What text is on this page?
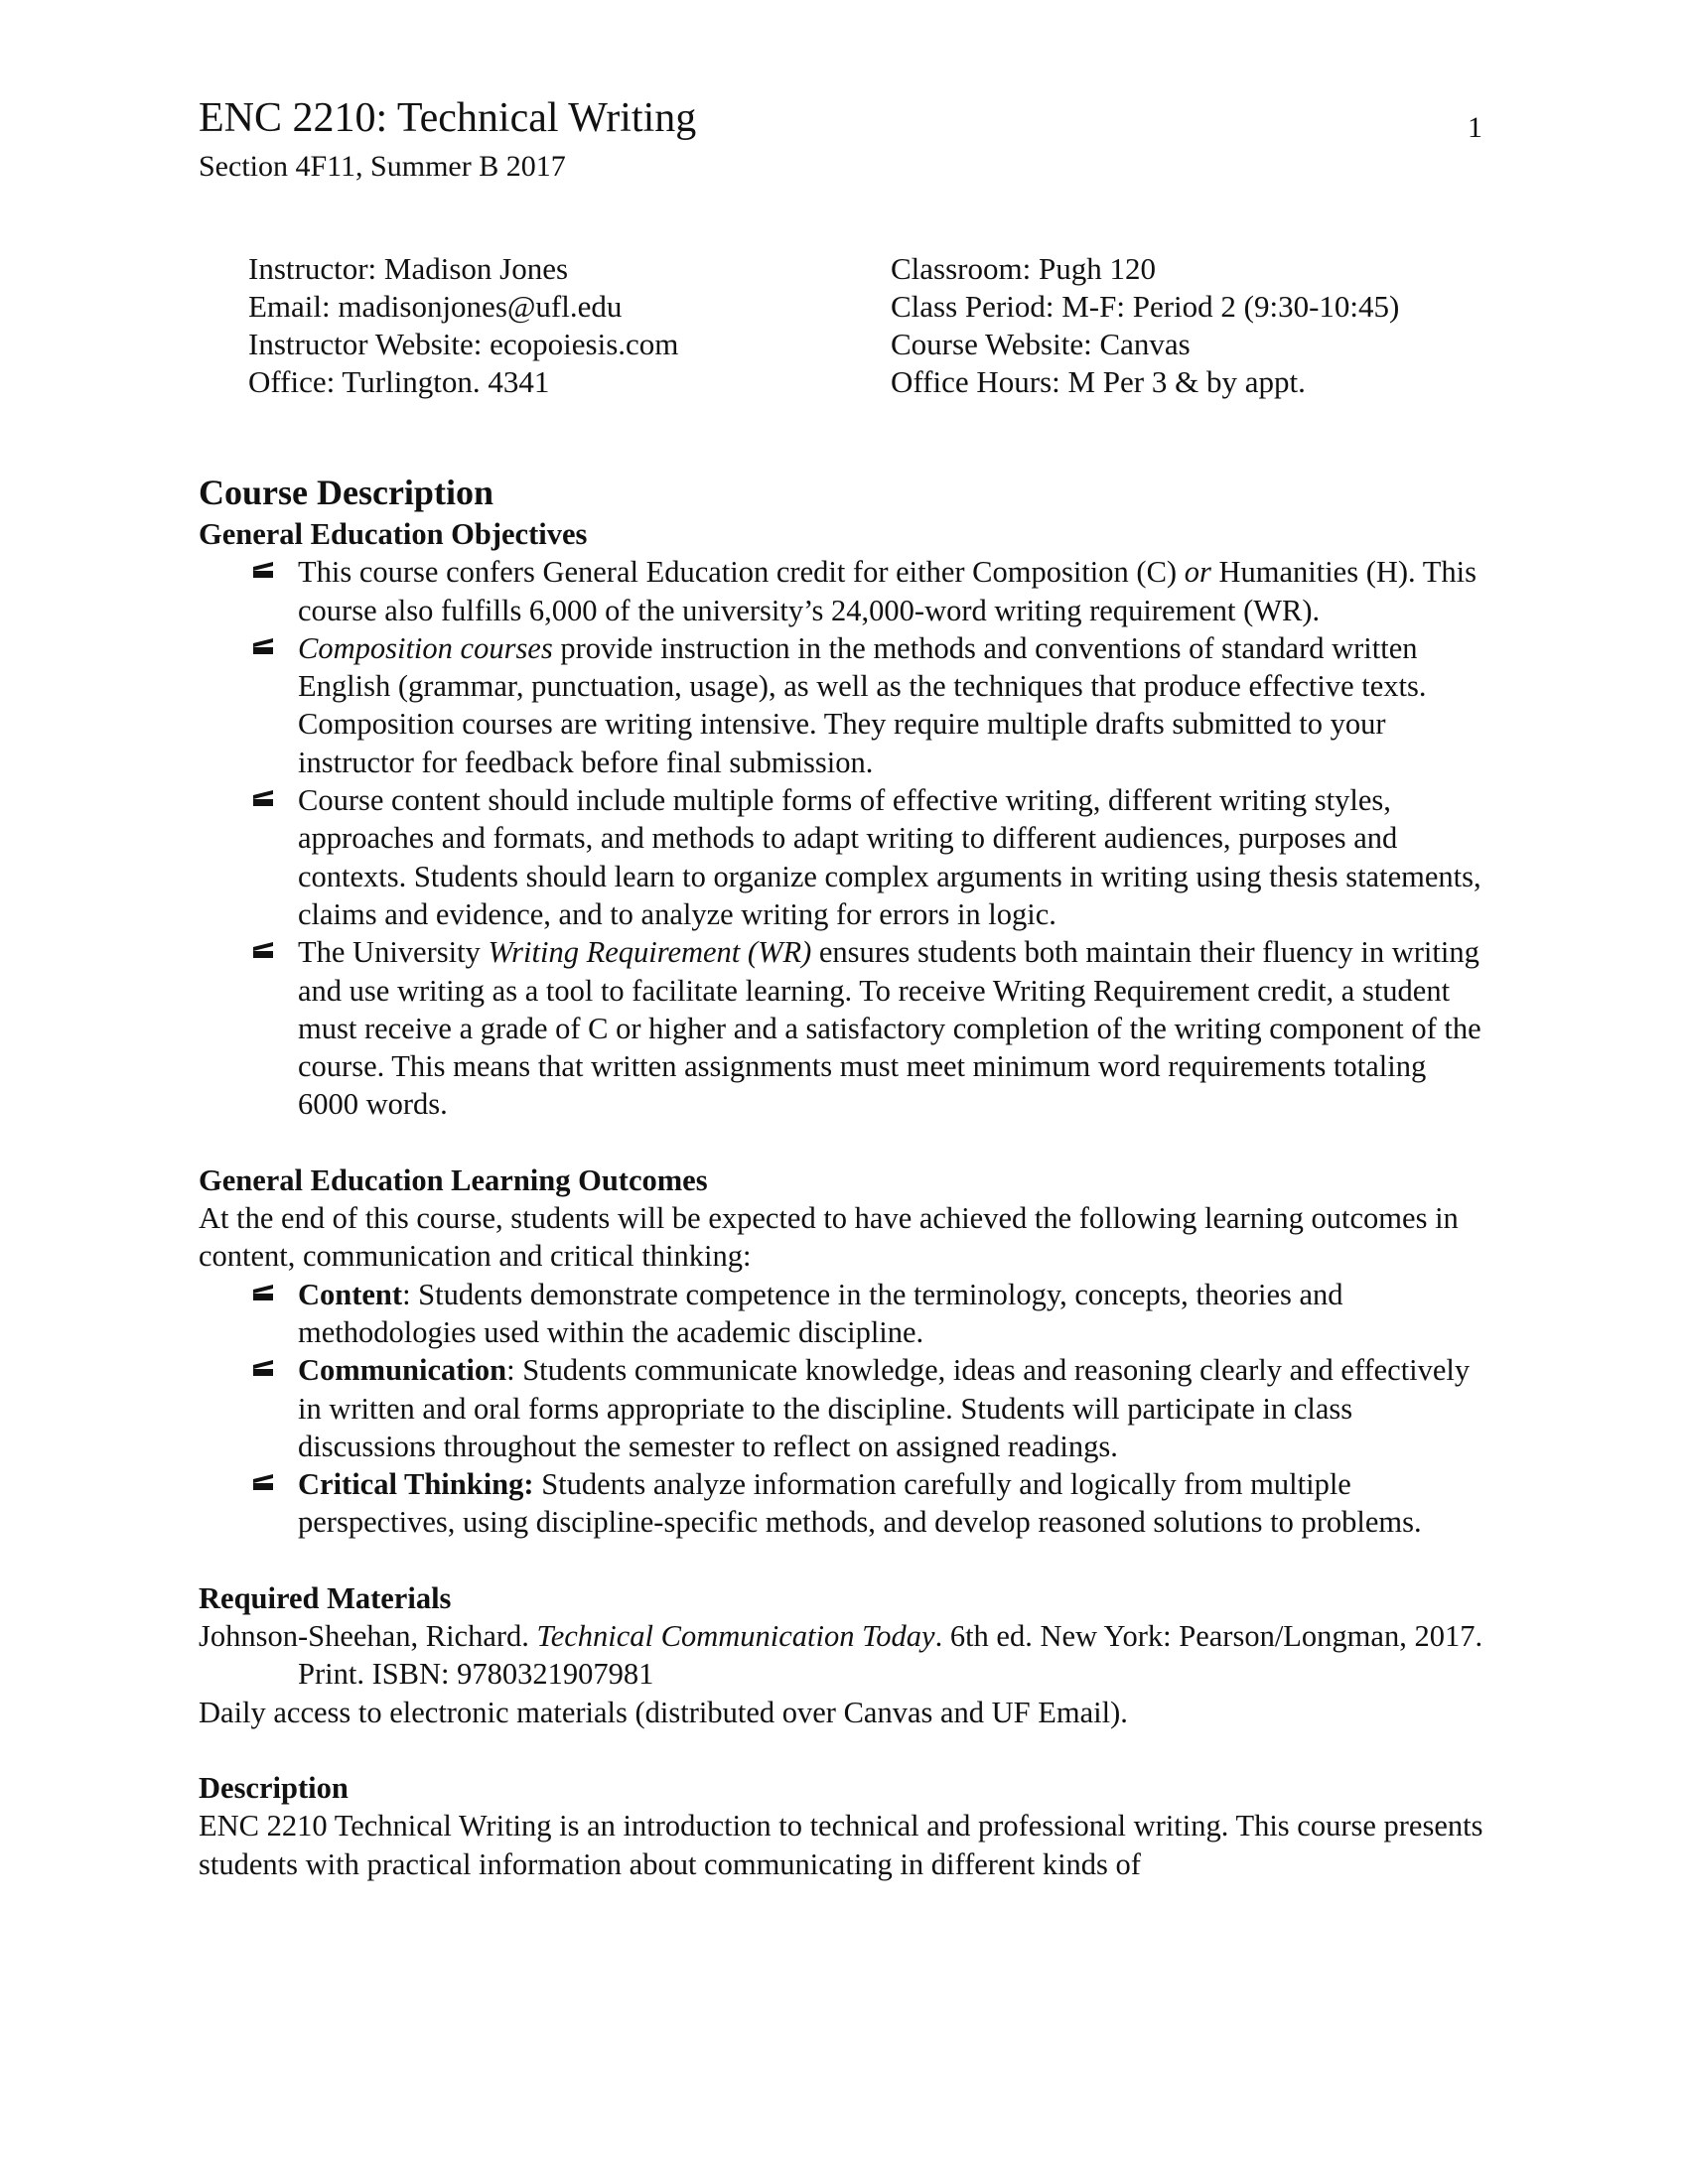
ENC 2210: Technical Writing	1
Section 4F11, Summer B 2017
Instructor: Madison Jones
Email: madisonjones@ufl.edu
Instructor Website: ecopoiesis.com
Office: Turlington. 4341
Classroom: Pugh 120
Class Period: M-F: Period 2 (9:30-10:45)
Course Website: Canvas
Office Hours: M Per 3 & by appt.
Course Description
General Education Objectives
This course confers General Education credit for either Composition (C) or Humanities (H). This course also fulfills 6,000 of the university’s 24,000-word writing requirement (WR).
Composition courses provide instruction in the methods and conventions of standard written English (grammar, punctuation, usage), as well as the techniques that produce effective texts. Composition courses are writing intensive. They require multiple drafts submitted to your instructor for feedback before final submission.
Course content should include multiple forms of effective writing, different writing styles, approaches and formats, and methods to adapt writing to different audiences, purposes and contexts. Students should learn to organize complex arguments in writing using thesis statements, claims and evidence, and to analyze writing for errors in logic.
The University Writing Requirement (WR) ensures students both maintain their fluency in writing and use writing as a tool to facilitate learning. To receive Writing Requirement credit, a student must receive a grade of C or higher and a satisfactory completion of the writing component of the course. This means that written assignments must meet minimum word requirements totaling 6000 words.
General Education Learning Outcomes

At the end of this course, students will be expected to have achieved the following learning outcomes in content, communication and critical thinking:

Content: Students demonstrate competence in the terminology, concepts, theories and methodologies used within the academic discipline.
Communication: Students communicate knowledge, ideas and reasoning clearly and effectively in written and oral forms appropriate to the discipline. Students will participate in class discussions throughout the semester to reflect on assigned readings.
Critical Thinking: Students analyze information carefully and logically from multiple perspectives, using discipline-specific methods, and develop reasoned solutions to problems.
Required Materials

Johnson-Sheehan, Richard. Technical Communication Today. 6th ed. New York: Pearson/Longman, 2017. Print. ISBN: 9780321907981

Daily access to electronic materials (distributed over Canvas and UF Email).

Description

ENC 2210 Technical Writing is an introduction to technical and professional writing. This course presents students with practical information about communicating in different kinds of
